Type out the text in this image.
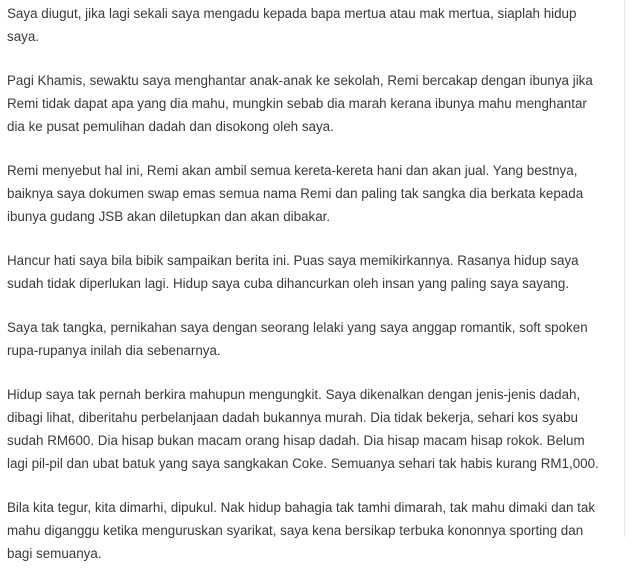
Saya diugut, jika lagi sekali saya mengadu kepada bapa mertua atau mak mertua, siaplah hidup saya.

Pagi Khamis, sewaktu saya menghantar anak-anak ke sekolah, Remi bercakap dengan ibunya jika Remi tidak dapat apa yang dia mahu, mungkin sebab dia marah kerana ibunya mahu menghantar dia ke pusat pemulihan dadah dan disokong oleh saya.

Remi menyebut hal ini, Remi akan ambil semua kereta-kereta hani dan akan jual. Yang bestnya, baiknya saya dokumen swap emas semua nama Remi dan paling tak sangka dia berkata kepada ibunya gudang JSB akan diletupkan dan akan dibakar.

Hancur hati saya bila bibik sampaikan berita ini. Puas saya memikirkannya. Rasanya hidup saya sudah tidak diperlukan lagi. Hidup saya cuba dihancurkan oleh insan yang paling saya sayang.

Saya tak tangka, pernikahan saya dengan seorang lelaki yang saya anggap romantik, soft spoken rupa-rupanya inilah dia sebenarnya.

Hidup saya tak pernah berkira mahupun mengungkit. Saya dikenalkan dengan jenis-jenis dadah, dibagi lihat, diberitahu perbelanjaan dadah bukannya murah. Dia tidak bekerja, sehari kos syabu sudah RM600. Dia hisap bukan macam orang hisap dadah. Dia hisap macam hisap rokok. Belum lagi pil-pil dan ubat batuk yang saya sangkakan Coke. Semuanya sehari tak habis kurang RM1,000.

Bila kita tegur, kita dimarhi, dipukul. Nak hidup bahagia tak tamhi dimarah, tak mahu dimaki dan tak mahu diganggu ketika menguruskan syarikat, saya kena bersikap terbuka kononnya sporting dan bagi semuanya.
